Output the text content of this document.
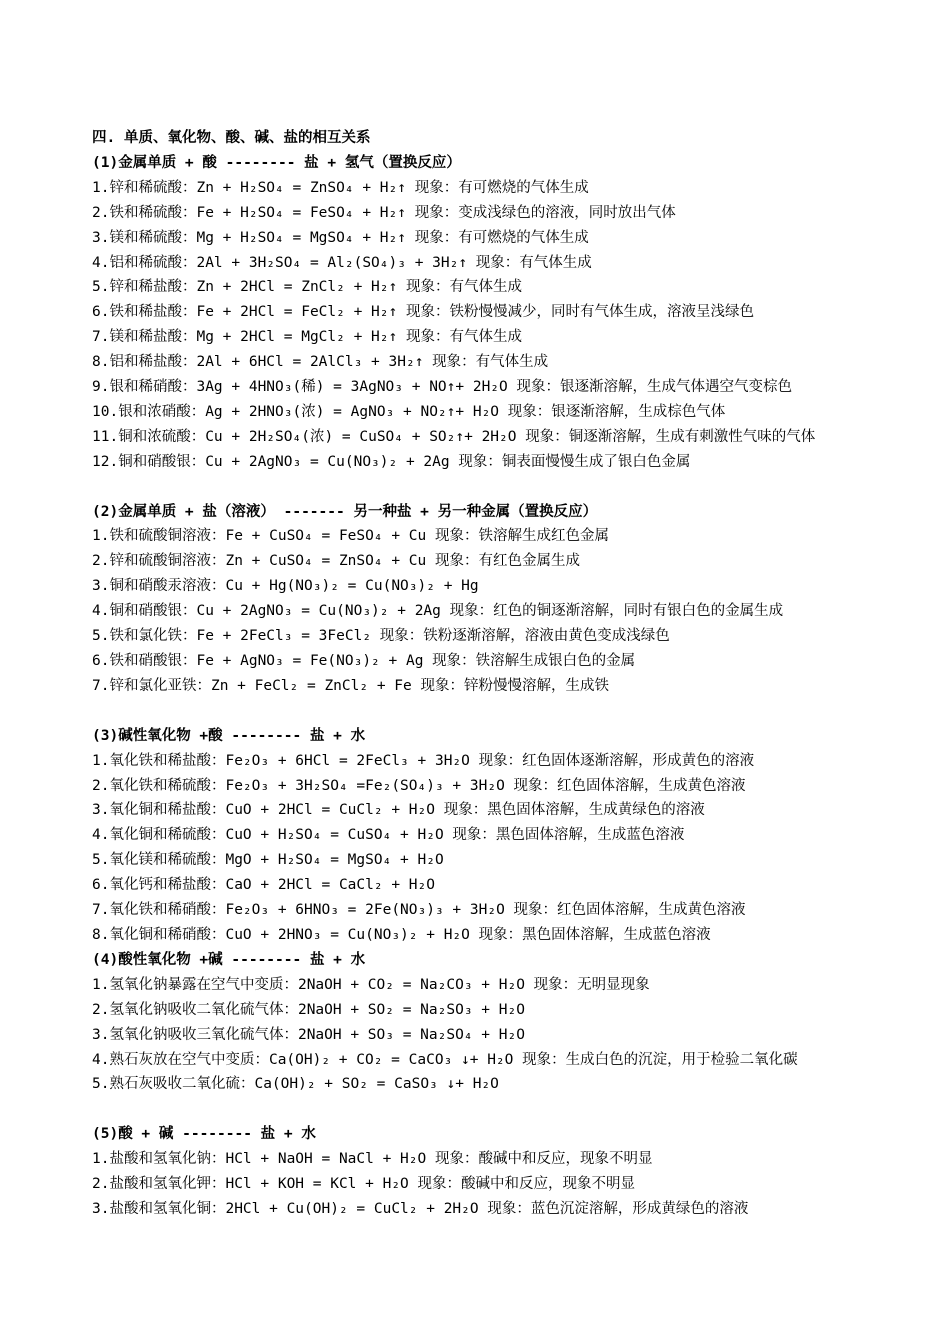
四. 单质、氧化物、酸、碱、盐的相互关系
(1)金属单质 + 酸 -------- 盐 + 氢气（置换反应）
1.锌和稀硫酸：Zn + H₂SO₄ = ZnSO₄ + H₂↑ 现象：有可燃烧的气体生成
2.铁和稀硫酸：Fe + H₂SO₄ = FeSO₄ + H₂↑ 现象：变成浅绿色的溶液，同时放出气体
3.镁和稀硫酸：Mg + H₂SO₄ = MgSO₄ + H₂↑ 现象：有可燃烧的气体生成
4.铝和稀硫酸：2Al + 3H₂SO₄ = Al₂(SO₄)₃ + 3H₂↑ 现象：有气体生成
5.锌和稀盐酸：Zn + 2HCl = ZnCl₂ + H₂↑ 现象：有气体生成
6.铁和稀盐酸：Fe + 2HCl = FeCl₂ + H₂↑ 现象：铁粉慢慢减少，同时有气体生成，溶液呈浅绿色
7.镁和稀盐酸：Mg + 2HCl = MgCl₂ + H₂↑ 现象：有气体生成
8.铝和稀盐酸：2Al + 6HCl = 2AlCl₃ + 3H₂↑ 现象：有气体生成
9.银和稀硝酸：3Ag + 4HNO₃(稀) = 3AgNO₃ + NO↑+ 2H₂O 现象：银逐渐溶解，生成气体遇空气变棕色
10.银和浓硝酸：Ag + 2HNO₃(浓) = AgNO₃ + NO₂↑+ H₂O 现象：银逐渐溶解，生成棕色气体
11.铜和浓硫酸：Cu + 2H₂SO₄(浓) = CuSO₄ + SO₂↑+ 2H₂O 现象：铜逐渐溶解，生成有刺激性气味的气体
12.铜和硝酸银：Cu + 2AgNO₃ = Cu(NO₃)₂ + 2Ag 现象：铜表面慢慢生成了银白色金属
(2)金属单质 + 盐（溶液） ------- 另一种盐 + 另一种金属（置换反应）
1.铁和硫酸铜溶液：Fe + CuSO₄ = FeSO₄ + Cu 现象：铁溶解生成红色金属
2.锌和硫酸铜溶液：Zn + CuSO₄ = ZnSO₄ + Cu 现象：有红色金属生成
3.铜和硝酸汞溶液：Cu + Hg(NO₃)₂ = Cu(NO₃)₂ + Hg
4.铜和硝酸银：Cu + 2AgNO₃ = Cu(NO₃)₂ + 2Ag 现象：红色的铜逐渐溶解，同时有银白色的金属生成
5.铁和氯化铁：Fe + 2FeCl₃ = 3FeCl₂ 现象：铁粉逐渐溶解，溶液由黄色变成浅绿色
6.铁和硝酸银：Fe + AgNO₃ = Fe(NO₃)₂ + Ag 现象：铁溶解生成银白色的金属
7.锌和氯化亚铁：Zn + FeCl₂ = ZnCl₂ + Fe 现象：锌粉慢慢溶解，生成铁
(3)碱性氧化物 +酸 -------- 盐 + 水
1.氧化铁和稀盐酸：Fe₂O₃ + 6HCl = 2FeCl₃ + 3H₂O 现象：红色固体逐渐溶解，形成黄色的溶液
2.氧化铁和稀硫酸：Fe₂O₃ + 3H₂SO₄ =Fe₂(SO₄)₃ + 3H₂O 现象：红色固体溶解，生成黄色溶液
3.氧化铜和稀盐酸：CuO + 2HCl = CuCl₂ + H₂O 现象：黑色固体溶解，生成黄绿色的溶液
4.氧化铜和稀硫酸：CuO + H₂SO₄ = CuSO₄ + H₂O 现象：黑色固体溶解，生成蓝色溶液
5.氧化镁和稀硫酸：MgO + H₂SO₄ = MgSO₄ + H₂O
6.氧化钙和稀盐酸：CaO + 2HCl = CaCl₂ + H₂O
7.氧化铁和稀硝酸：Fe₂O₃ + 6HNO₃ = 2Fe(NO₃)₃ + 3H₂O 现象：红色固体溶解，生成黄色溶液
8.氧化铜和稀硝酸：CuO + 2HNO₃ = Cu(NO₃)₂ + H₂O 现象：黑色固体溶解，生成蓝色溶液
(4)酸性氧化物 +碱 -------- 盐 + 水
1.氢氧化钠暴露在空气中变质：2NaOH + CO₂ = Na₂CO₃ + H₂O 现象：无明显现象
2.氢氧化钠吸收二氧化硫气体：2NaOH + SO₂ = Na₂SO₃ + H₂O
3.氢氧化钠吸收三氧化硫气体：2NaOH + SO₃ = Na₂SO₄ + H₂O
4.熟石灰放在空气中变质：Ca(OH)₂ + CO₂ = CaCO₃ ↓+ H₂O 现象：生成白色的沉淀，用于检验二氧化碳
5.熟石灰吸收二氧化硫：Ca(OH)₂ + SO₂ = CaSO₃ ↓+ H₂O
(5)酸 + 碱 -------- 盐 + 水
1.盐酸和氢氧化钠：HCl + NaOH = NaCl + H₂O 现象：酸碱中和反应，现象不明显
2.盐酸和氢氧化钾：HCl + KOH = KCl + H₂O 现象：酸碱中和反应，现象不明显
3.盐酸和氢氧化铜：2HCl + Cu(OH)₂ = CuCl₂ + 2H₂O 现象：蓝色沉淀溶解，形成黄绿色的溶液
